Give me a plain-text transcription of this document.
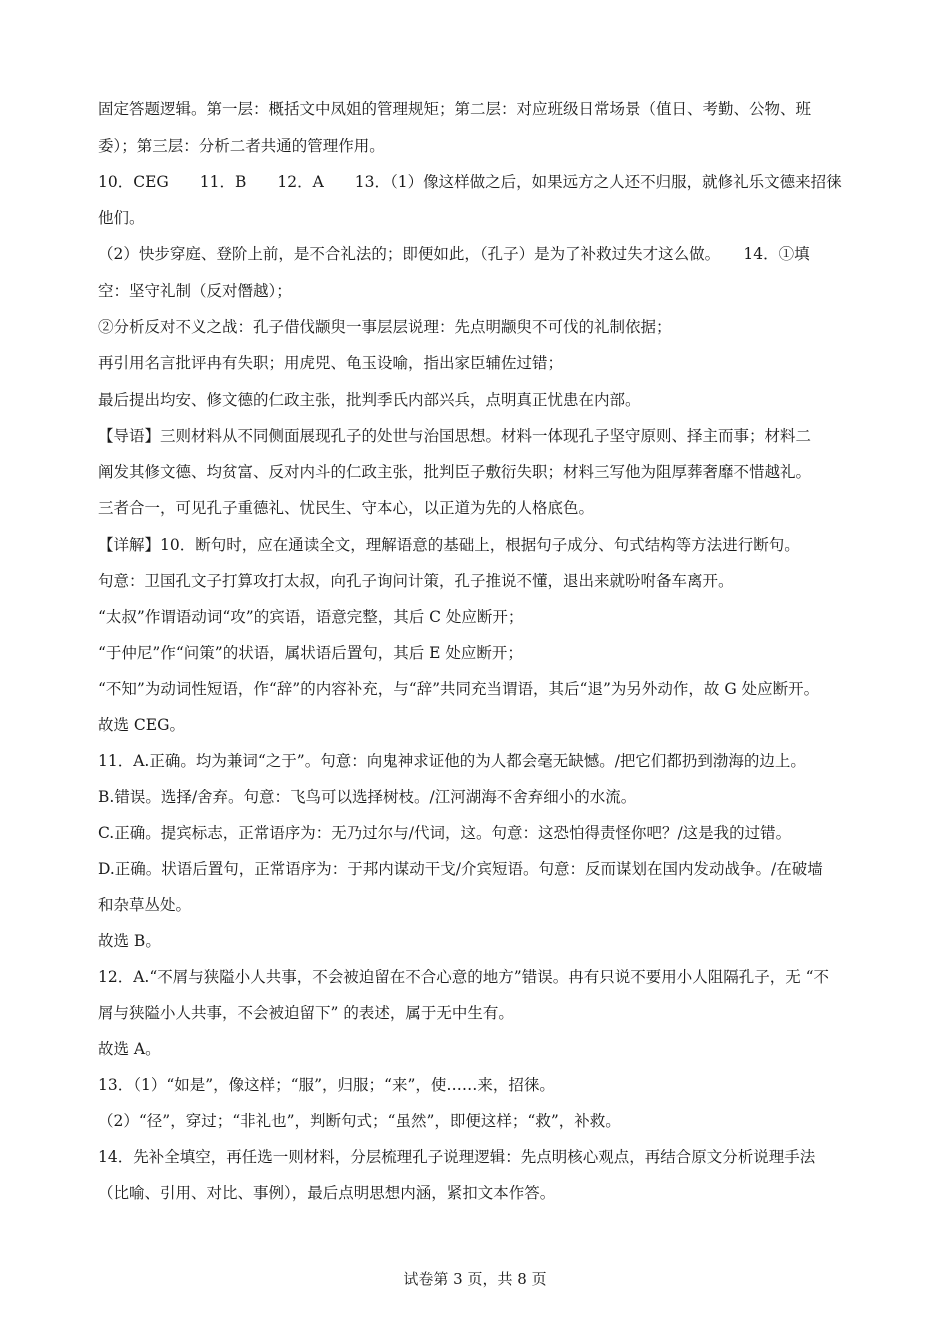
固定答题逻辑。第一层：概括文中凤姐的管理规矩；第二层：对应班级日常场景（值日、考勤、公物、班
委）；第三层：分析二者共通的管理作用。
10．CEG　　11．B　　12．A　　13．（1）像这样做之后，如果远方之人还不归服，就修礼乐文德来招徕
他们。
（2）快步穿庭、登阶上前，是不合礼法的；即便如此，（孔子）是为了补救过失才这么做。　　14．①填
空：坚守礼制（反对僭越）；
②分析反对不义之战：孔子借伐颛臾一事层层说理：先点明颛臾不可伐的礼制依据；
再引用名言批评冉有失职；用虎兕、龟玉设喻，指出家臣辅佐过错；
最后提出均安、修文德的仁政主张，批判季氏内部兴兵，点明真正忧患在内部。
【导语】三则材料从不同侧面展现孔子的处世与治国思想。材料一体现孔子坚守原则、择主而事；材料二
阐发其修文德、均贫富、反对内斗的仁政主张，批判臣子敷衍失职；材料三写他为阻厚葬奢靡不惜越礼。
三者合一，可见孔子重德礼、忧民生、守本心，以正道为先的人格底色。
【详解】10．断句时，应在通读全文，理解语意的基础上，根据句子成分、句式结构等方法进行断句。
句意：卫国孔文子打算攻打太叔，向孔子询问计策，孔子推说不懂，退出来就吩咐备车离开。
“太叔”作谓语动词“攻”的宾语，语意完整，其后 C 处应断开；
“于仲尼”作“问策”的状语，属状语后置句，其后 E 处应断开；
“不知”为动词性短语，作“辞”的内容补充，与“辞”共同充当谓语，其后“退”为另外动作，故 G 处应断开。
故选 CEG。
11．A.正确。均为兼词“之于”。句意：向鬼神求证他的为人都会毫无缺憾。/把它们都扔到渤海的边上。
B.错误。选择/舍弃。句意：飞鸟可以选择树枝。/江河湖海不舍弃细小的水流。
C.正确。提宾标志，正常语序为：无乃过尔与/代词，这。句意：这恐怕得责怪你吧？/这是我的过错。
D.正确。状语后置句，正常语序为：于邦内谋动干戈/介宾短语。句意：反而谋划在国内发动战争。/在破墙
和杂草丛处。
故选 B。
12．A.“不屑与狭隘小人共事，不会被迫留在不合心意的地方”错误。冉有只说不要用小人阻隔孔子，无 “不
屑与狭隘小人共事，不会被迫留下” 的表述，属于无中生有。
故选 A。
13．（1）“如是”，像这样；“服”，归服；“来”，使……来，招徕。
（2）“径”，穿过；“非礼也”，判断句式；“虽然”，即便这样；“救”，补救。
14．先补全填空，再任选一则材料，分层梳理孔子说理逻辑：先点明核心观点，再结合原文分析说理手法
（比喻、引用、对比、事例），最后点明思想内涵，紧扣文本作答。
试卷第 3 页，共 8 页
